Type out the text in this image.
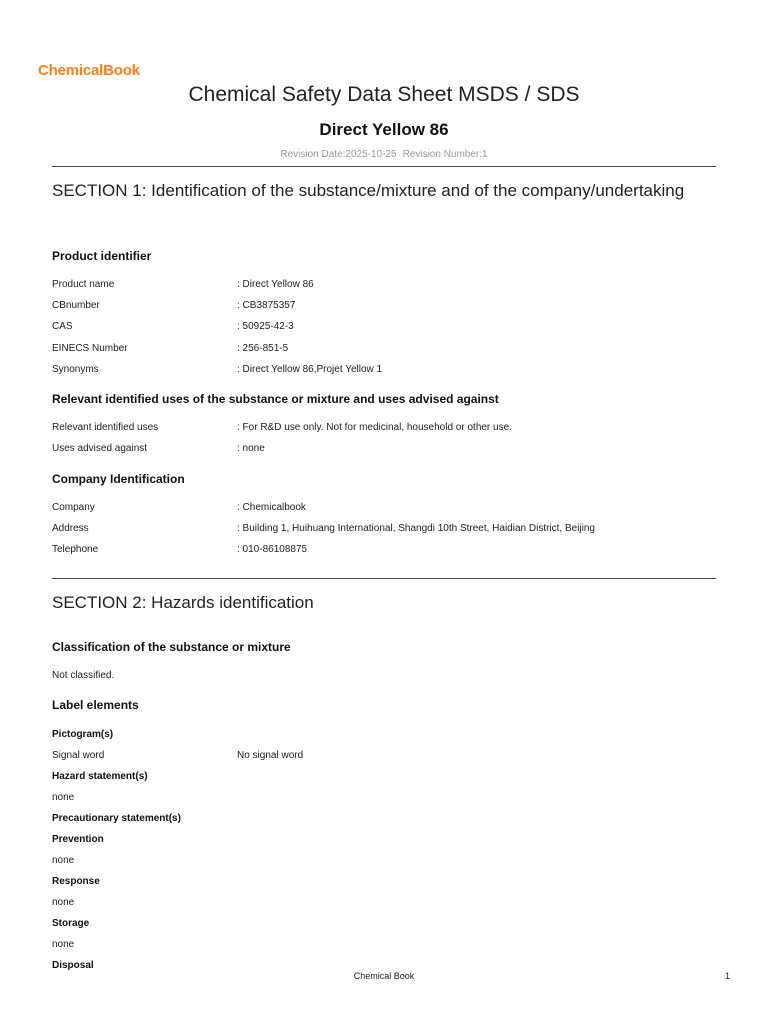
ChemicalBook
Chemical Safety Data Sheet MSDS / SDS
Direct Yellow 86
Revision Date:2025-10-25 Revision Number:1
SECTION 1: Identification of the substance/mixture and of the company/undertaking
Product identifier
Product name	: Direct Yellow 86
CBnumber	: CB3875357
CAS	: 50925-42-3
EINECS Number	: 256-851-5
Synonyms	: Direct Yellow 86,Projet Yellow 1
Relevant identified uses of the substance or mixture and uses advised against
Relevant identified uses	: For R&D use only. Not for medicinal, household or other use.
Uses advised against	: none
Company Identification
Company	: Chemicalbook
Address	: Building 1, Huihuang International, Shangdi 10th Street, Haidian District, Beijing
Telephone	: 010-86108875
SECTION 2: Hazards identification
Classification of the substance or mixture
Not classified.
Label elements
Pictogram(s)
Signal word	No signal word
Hazard statement(s)
none
Precautionary statement(s)
Prevention
none
Response
none
Storage
none
Disposal
Chemical Book	1
